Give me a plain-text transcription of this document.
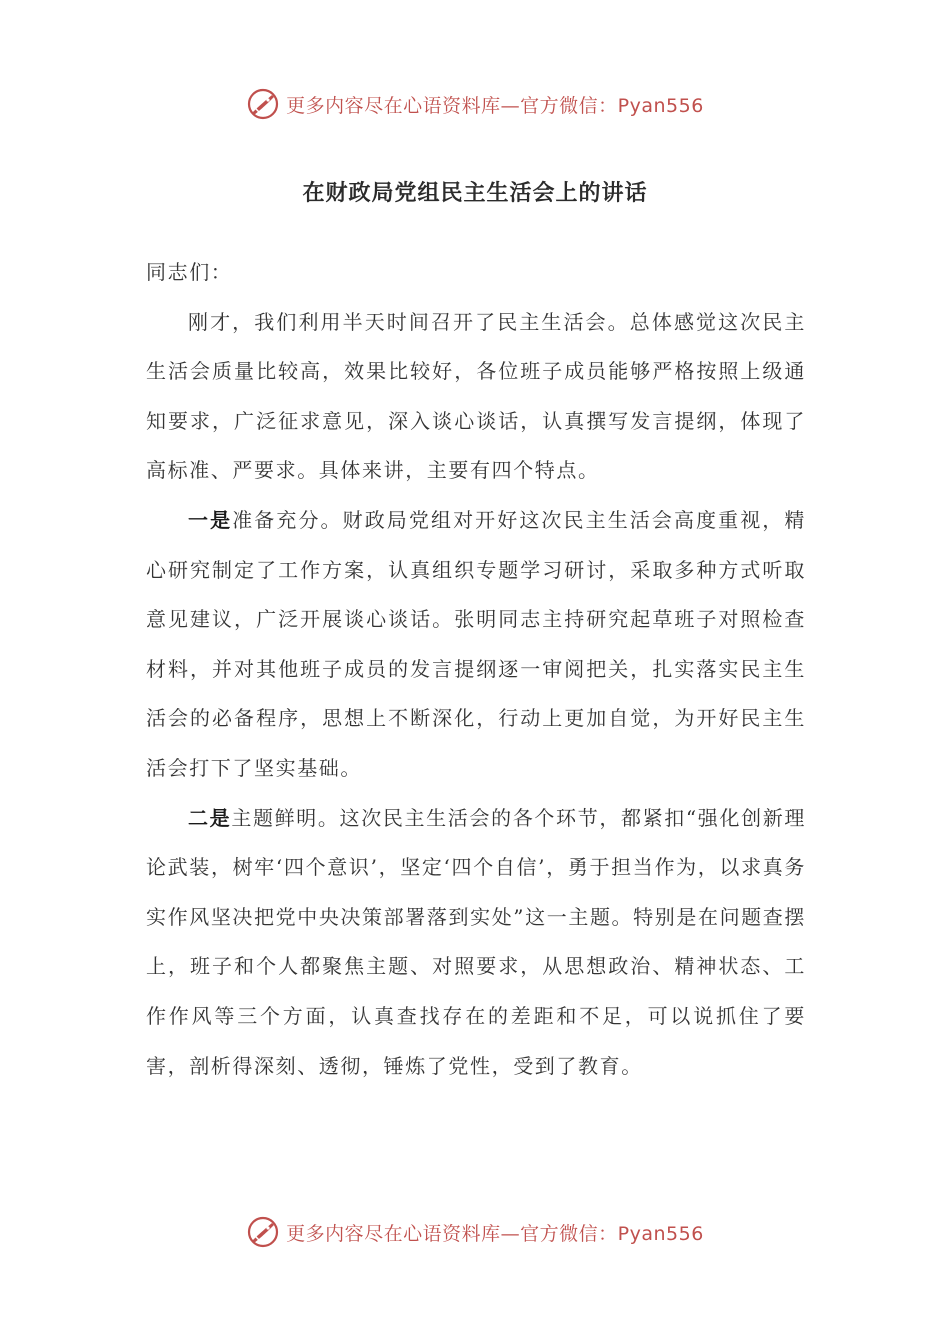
更多内容尽在心语资料库—官方微信：Pyan556
在财政局党组民主生活会上的讲话

同志们：

刚才，我们利用半天时间召开了民主生活会。总体感觉这次民主生活会质量比较高，效果比较好，各位班子成员能够严格按照上级通知要求，广泛征求意见，深入谈心谈话，认真撰写发言提纲，体现了高标准、严要求。具体来讲，主要有四个特点。

一是准备充分。财政局党组对开好这次民主生活会高度重视，精心研究制定了工作方案，认真组织专题学习研讨，采取多种方式听取意见建议，广泛开展谈心谈话。张明同志主持研究起草班子对照检查材料，并对其他班子成员的发言提纲逐一审阅把关，扎实落实民主生活会的必备程序，思想上不断深化，行动上更加自觉，为开好民主生活会打下了坚实基础。

二是主题鲜明。这次民主生活会的各个环节，都紧扣“强化创新理论武装，树牢‘四个意识’，坚定‘四个自信’，勇于担当作为，以求真务实作风坚决把党中央决策部署落到实处”这一主题。特别是在问题查摆上，班子和个人都聚焦主题、对照要求，从思想政治、精神状态、工作作风等三个方面，认真查找存在的差距和不足，可以说抓住了要害，剖析得深刻、透彻，锤炼了党性，受到了教育。

更多内容尽在心语资料库—官方微信：Pyan556
